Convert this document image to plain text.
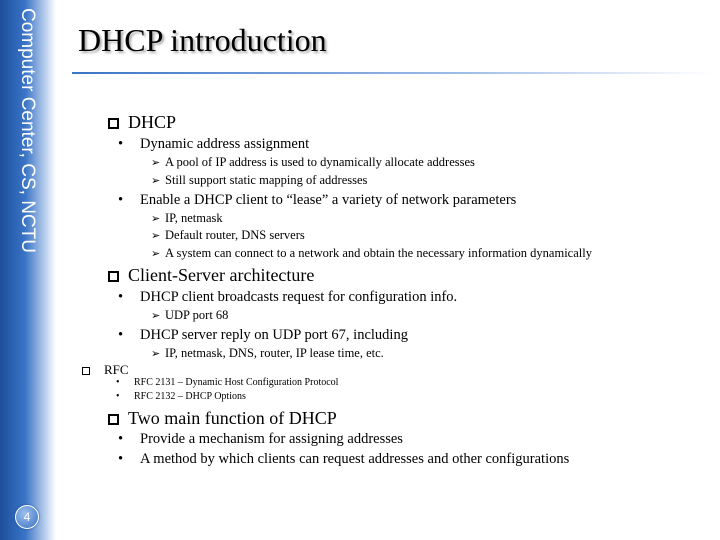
Computer Center, CS, NCTU
4
DHCP introduction
DHCP
•	Dynamic address assignment
➢ A pool of IP address is used to dynamically allocate addresses
➢ Still support static mapping of addresses
•	Enable a DHCP client to “lease” a variety of network parameters
➢ IP, netmask
➢ Default router, DNS servers
➢ A system can connect to a network and obtain the necessary information dynamically
Client-Server architecture
•	DHCP client broadcasts request for configuration info.
➢ UDP port 68
•	DHCP server reply on UDP port 67, including
➢ IP, netmask, DNS, router, IP lease time, etc.
RFC
•	RFC 2131 – Dynamic Host Configuration Protocol
•	RFC 2132 – DHCP Options
Two main function of DHCP
•	Provide a mechanism for assigning addresses
•	A method by which clients can request addresses and other configurations
